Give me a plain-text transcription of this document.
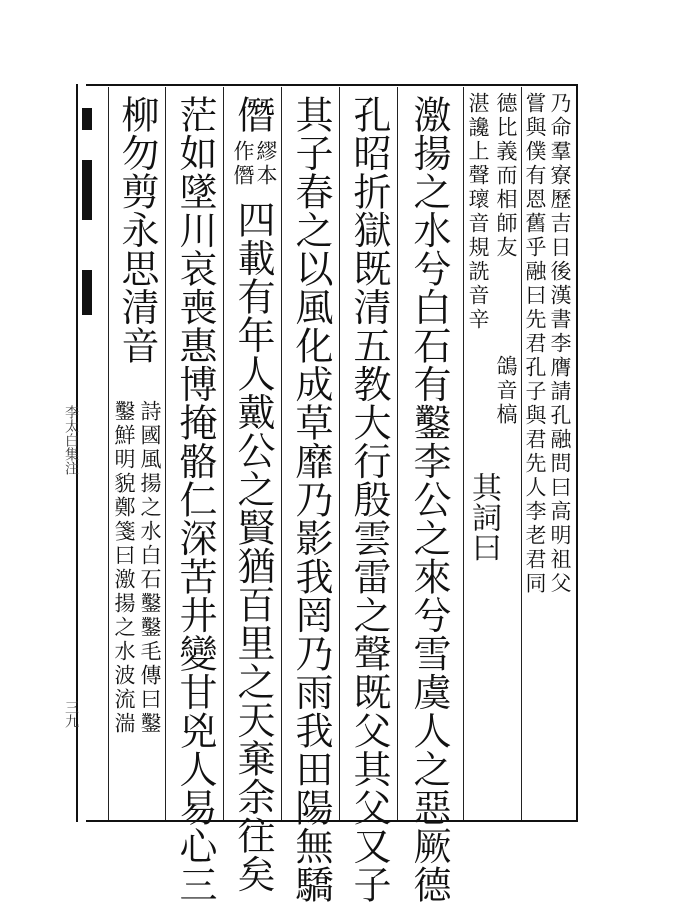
乃命羣寮歷吉日後漢書李膺請孔融問曰高明祖父
嘗與僕有恩舊乎融曰先君孔子與君先人李老君同
德比義而相師友
鴿音槁
湛讒上聲瓌音規詵音辛
其詞曰
激揚之水兮白石有鑿李公之來兮雪虞人之惡厥德
孔昭折獄既清五教大行殷雲雷之聲既父其父又子
其子春之以風化成草靡乃影我罔乃雨我田陽無驕
僭
繆本
作僭
四載有年人戴公之賢猶百里之天棄余往矣
茫如墜川哀喪惠博掩骼仁深苦井變甘兇人易心三
柳勿剪永思清音
詩國風揚之水白石鑿鑿毛傳曰鑿
鑿鮮明貌鄭箋曰激揚之水波流湍
李太白集注
三九
